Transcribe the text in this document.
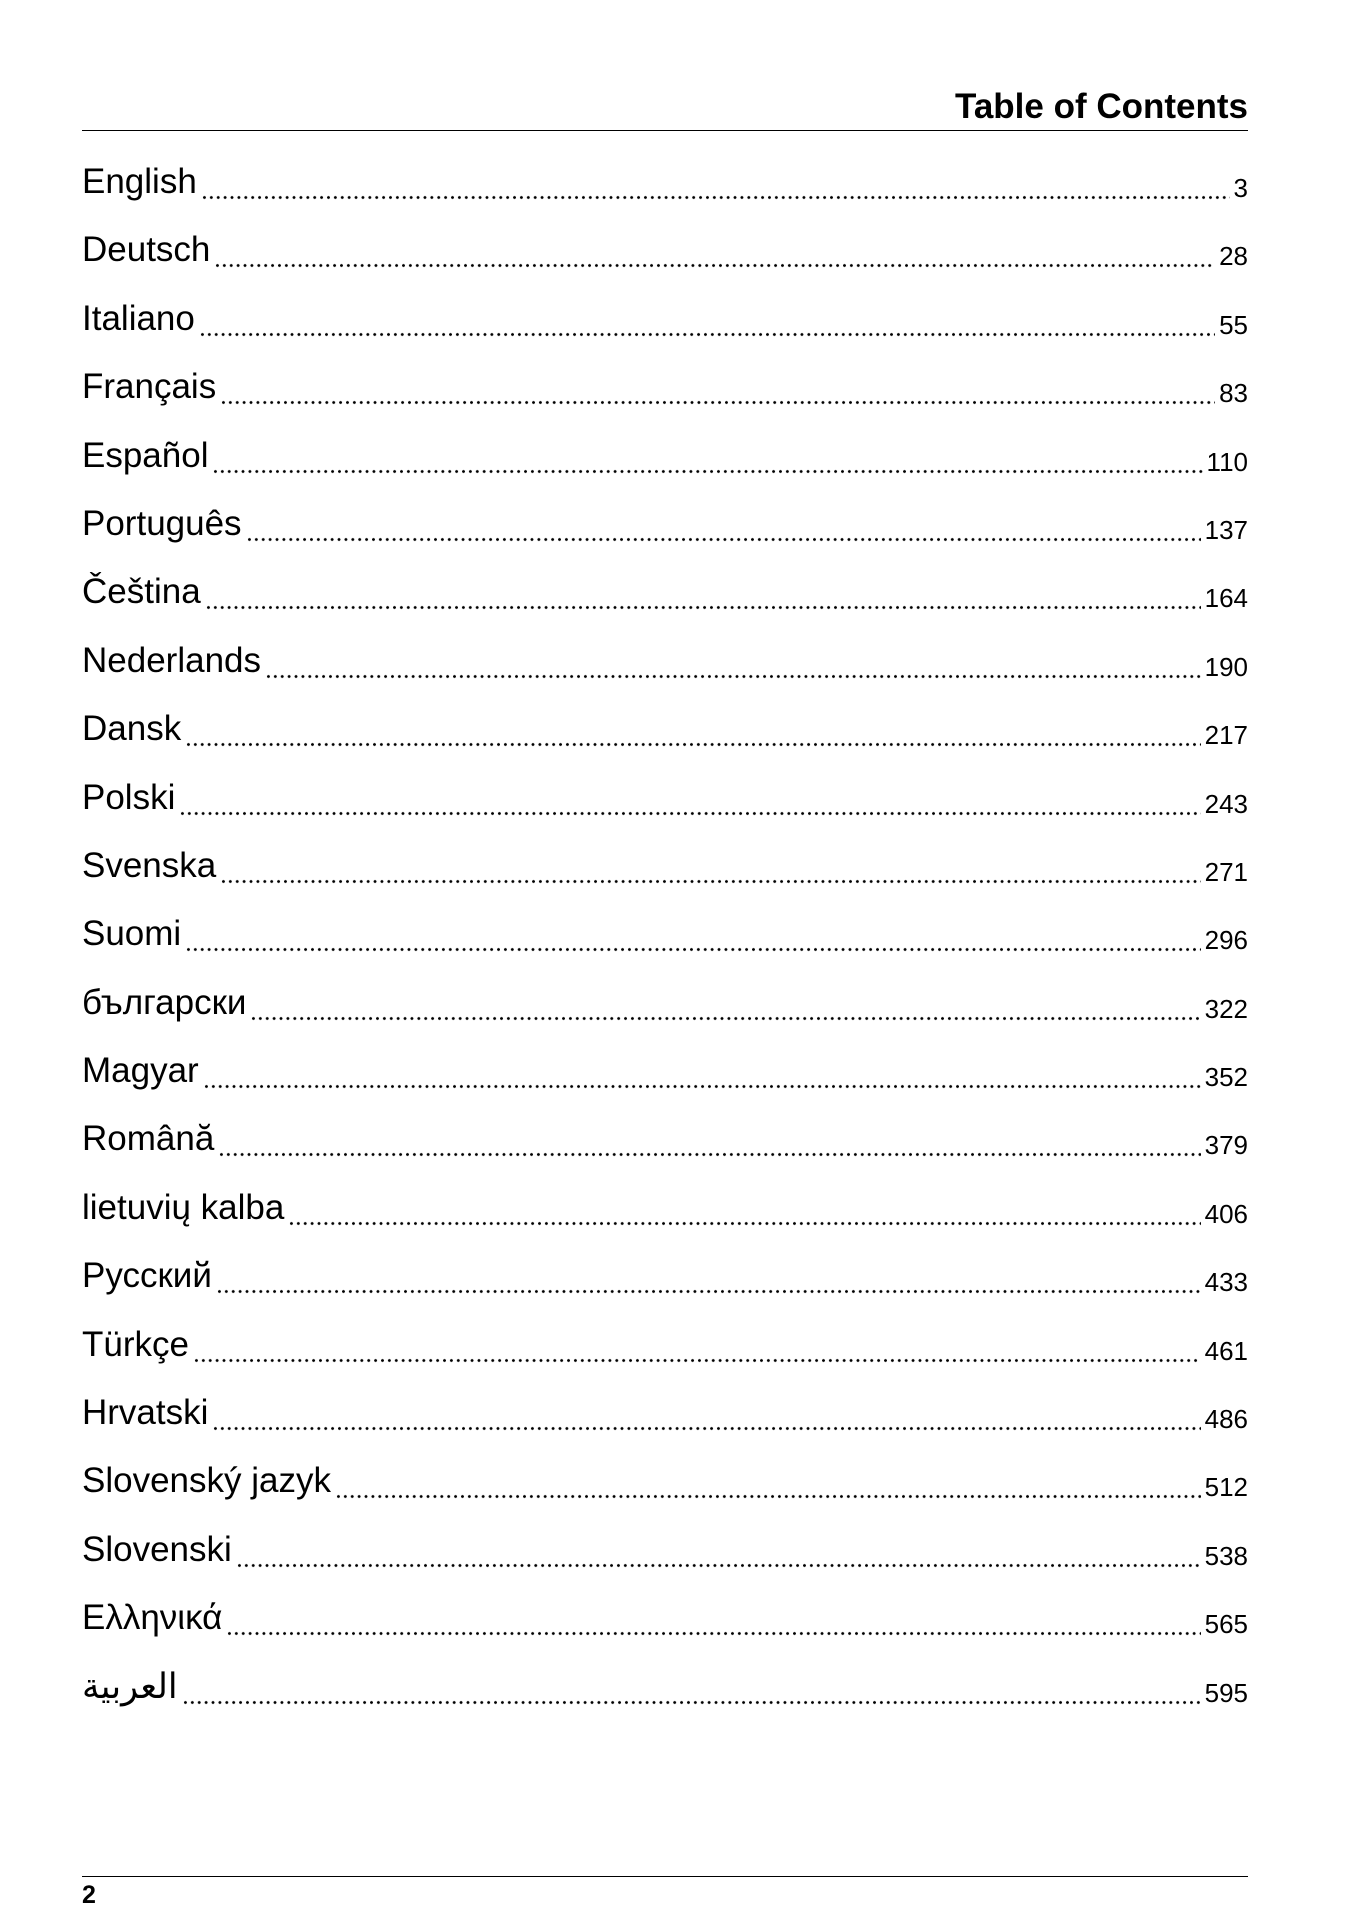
Table of Contents
English	3
Deutsch	28
Italiano	55
Français	83
Español	110
Português	137
Čeština	164
Nederlands	190
Dansk	217
Polski	243
Svenska	271
Suomi	296
български	322
Magyar	352
Română	379
lietuvių kalba	406
Русский	433
Türkçe	461
Hrvatski	486
Slovenský jazyk	512
Slovenski	538
Ελληνικά	565
العربية	595
2
